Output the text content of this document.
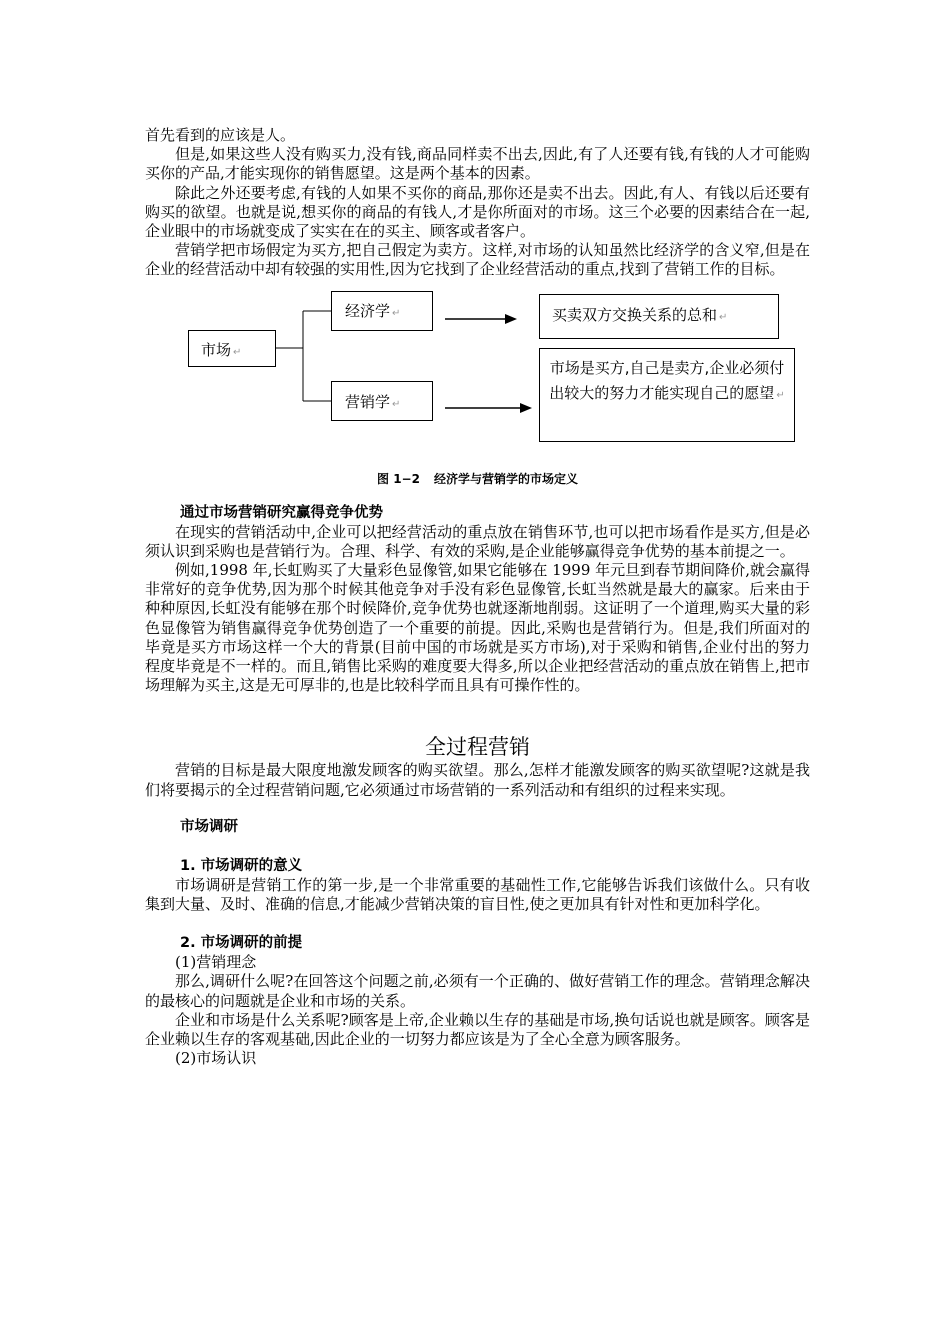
首先看到的应该是人。

但是,如果这些人没有购买力,没有钱,商品同样卖不出去,因此,有了人还要有钱,有钱的人才可能购买你的产品,才能实现你的销售愿望。这是两个基本的因素。

除此之外还要考虑,有钱的人如果不买你的商品,那你还是卖不出去。因此,有人、有钱以后还要有购买的欲望。也就是说,想买你的商品的有钱人,才是你所面对的市场。这三个必要的因素结合在一起,企业眼中的市场就变成了实实在在的买主、顾客或者客户。

营销学把市场假定为买方,把自己假定为卖方。这样,对市场的认知虽然比经济学的含义窄,但是在企业的经营活动中却有较强的实用性,因为它找到了企业经营活动的重点,找到了营销工作的目标。

市场 ↵
经济学 ↵
营销学 ↵
买卖双方交换关系的总和 ↵
市场是买方,自己是卖方,企业必须付出较大的努力才能实现自己的愿望 ↵
图 1−2 经济学与营销学的市场定义

通过市场营销研究赢得竞争优势

在现实的营销活动中,企业可以把经营活动的重点放在销售环节,也可以把市场看作是买方,但是必须认识到采购也是营销行为。合理、科学、有效的采购,是企业能够赢得竞争优势的基本前提之一。

例如,1998 年,长虹购买了大量彩色显像管,如果它能够在 1999 年元旦到春节期间降价,就会赢得非常好的竞争优势,因为那个时候其他竞争对手没有彩色显像管,长虹当然就是最大的赢家。后来由于种种原因,长虹没有能够在那个时候降价,竞争优势也就逐渐地削弱。这证明了一个道理,购买大量的彩色显像管为销售赢得竞争优势创造了一个重要的前提。因此,采购也是营销行为。但是,我们所面对的毕竟是买方市场这样一个大的背景(目前中国的市场就是买方市场),对于采购和销售,企业付出的努力程度毕竟是不一样的。而且,销售比采购的难度要大得多,所以企业把经营活动的重点放在销售上,把市场理解为买主,这是无可厚非的,也是比较科学而且具有可操作性的。

全过程营销

营销的目标是最大限度地激发顾客的购买欲望。那么,怎样才能激发顾客的购买欲望呢?这就是我们将要揭示的全过程营销问题,它必须通过市场营销的一系列活动和有组织的过程来实现。

市场调研

1. 市场调研的意义

市场调研是营销工作的第一步,是一个非常重要的基础性工作,它能够告诉我们该做什么。只有收集到大量、及时、准确的信息,才能减少营销决策的盲目性,使之更加具有针对性和更加科学化。

2. 市场调研的前提

(1)营销理念

那么,调研什么呢?在回答这个问题之前,必须有一个正确的、做好营销工作的理念。营销理念解决的最核心的问题就是企业和市场的关系。

企业和市场是什么关系呢?顾客是上帝,企业赖以生存的基础是市场,换句话说也就是顾客。顾客是企业赖以生存的客观基础,因此企业的一切努力都应该是为了全心全意为顾客服务。

(2)市场认识
